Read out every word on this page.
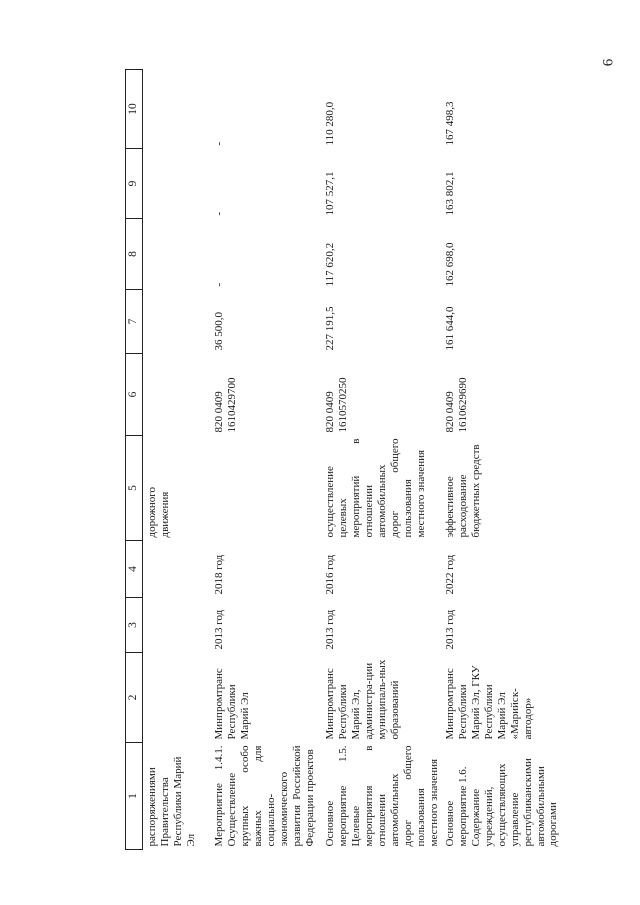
6
1	2	3	4	5	6	7	8	9	10
распоряжениями Правительства Республики Марий Эл				дорожного движения					
Мероприятие 1.4.1. Осуществление крупных особо важных для социально-экономического развития Российской Федерации проектов	Минпромтранс Республики Марий Эл	2013 год	2018 год		820 0409 1610429700	36 500,0	-	-	-
Основное мероприятие 1.5. Целевые мероприятия в отношении автомобильных дорог общего пользования местного значения	Минпромтранс Республики Марий Эл, администра-ции муниципаль-ных образований	2013 год	2016 год	осуществление целевых мероприятий в отношении автомобильных дорог общего пользования местного значения	820 0409 1610570250	227 191,5	117 620,2	107 527,1	110 280,0
Основное мероприятие 1.6. Содержание учреждений, осуществляющих управление республиканскими автомобильными дорогами	Минпромтранс Республики Марий Эл, ГКУ Республики Марий Эл «Марийск-автодор»	2013 год	2022 год	эффективное расходование бюджетных средств	820 0409 1610629690	161 644,0	162 698,0	163 802,1	167 498,3
